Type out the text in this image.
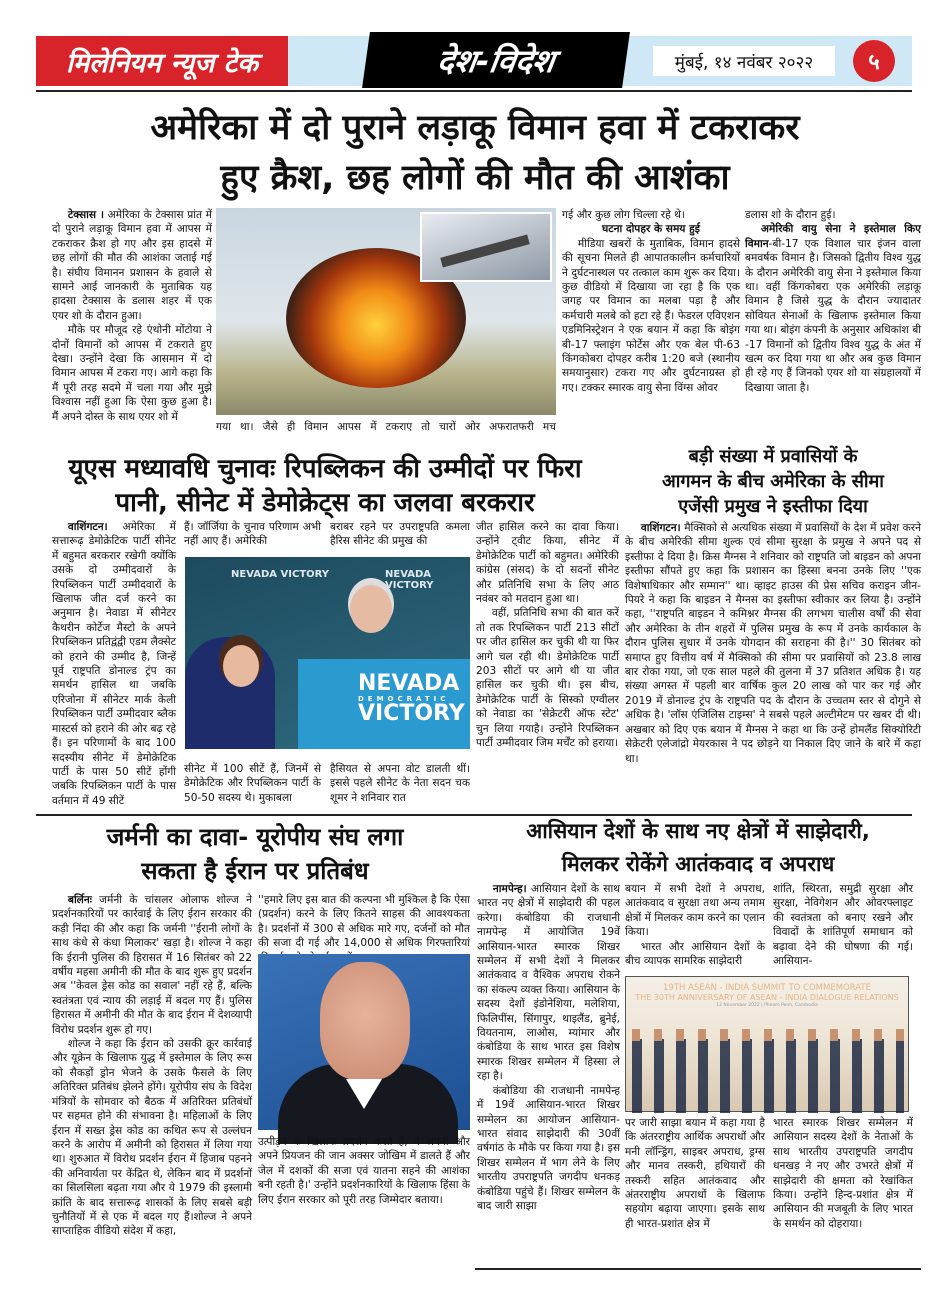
मिलेनियम न्यूज टेक	देश-विदेश	मुंबई, १४ नवंबर २०२२	५
अमेरिका में दो पुराने लड़ाकू विमान हवा में टकराकर
हुए क्रैश, छह लोगों की मौत की आशंका

टेक्सास । अमेरिका के टेक्सास प्रांत में दो पुराने लड़ाकू विमान हवा में आपस में टकराकर क्रैश हो गए और इस हादसे में छह लोगों की मौत की आशंका जताई गई है। संघीय विमानन प्रशासन के हवाले से सामने आई जानकारी के मुताबिक यह हादसा टेक्सास के डलास शहर में एक एयर शो के दौरान हुआ।

मौके पर मौजूद रहे एंथोनी मोंटोया ने दोनों विमानों को आपस में टकराते हुए देखा। उन्होंने देखा कि आसमान में दो विमान आपस में टकरा गए। आगे कहा कि मैं पूरी तरह सदमे में चला गया और मुझे विश्वास नहीं हुआ कि ऐसा कुछ हुआ है। मैं अपने दोस्त के साथ एयर शो में

गया था। जैसे ही विमान आपस में टकराए तो चारों ओर अफरातफरी मच

गई और कुछ लोग चिल्ला रहे थे।

घटना दोपहर के समय हुई

मीडिया खबरों के मुताबिक, विमान हादसे की सूचना मिलते ही आपातकालीन कर्मचारियों ने दुर्घटनास्थल पर तत्काल काम शुरू कर दिया। कुछ वीडियो में दिखाया जा रहा है कि एक जगह पर विमान का मलबा पड़ा है और कर्मचारी मलबे को हटा रहे हैं। फेडरल एविएशन एडमिनिस्ट्रेशन ने एक बयान में कहा कि बोइंग बी-17 फ्लाइंग फोर्टेस और एक बेल पी-63 किंगकोबरा दोपहर करीब 1:20 बजे (स्थानीय समयानुसार) टकरा गए और दुर्घटनाग्रस्त हो गए। टक्कर स्मारक वायु सेना विंग्स ओवर

डलास शो के दौरान हुई।

अमेरिकी वायु सेना ने इस्तेमाल किए विमान-बी-17 एक विशाल चार इंजन वाला बमवर्षक विमान है। जिसको द्वितीय विश्व युद्ध के दौरान अमेरिकी वायु सेना ने इस्तेमाल किया था। वहीं किंगकोबरा एक अमेरिकी लड़ाकू विमान है जिसे युद्ध के दौरान ज्यादातर सोवियत सेनाओं के खिलाफ इस्तेमाल किया गया था। बोइंग कंपनी के अनुसार अधिकांश बी -17 विमानों को द्वितीय विश्व युद्ध के अंत में खत्म कर दिया गया था और अब कुछ विमान ही रहे गए हैं जिनको एयर शो या संग्रहालयों में दिखाया जाता है।

यूएस मध्यावधि चुनावः रिपब्लिकन की उम्मीदों पर फिरा
पानी, सीनेट में डेमोक्रेट्स का जलवा बरकरार

वाशिंगटन। अमेरिका में सत्तारूढ़ डेमोक्रेटिक पार्टी सीनेट में बहुमत बरकरार रखेगी क्योंकि उसके दो उम्मीदवारों के रिपब्लिकन पार्टी उम्मीदवारों के खिलाफ जीत दर्ज करने का अनुमान है। नेवाडा में सीनेटर कैथरीन कोर्टेज मैस्टो के अपने रिपब्लिकन प्रतिद्वंद्वी एडम लैक्सेट को हराने की उम्मीद है, जिन्हें पूर्व राष्ट्रपति डोनाल्ड ट्रंप का समर्थन हासिल था जबकि एरिजोना में सीनेटर मार्क केली रिपब्लिकन पार्टी उम्मीदवार ब्लैक मास्टर्स को हराने की ओर बढ़ रहे हैं। इन परिणामों के बाद 100 सदस्यीय सीनेट में डेमोक्रेटिक पार्टी के पास 50 सीटें होंगी जबकि रिपब्लिकन पार्टी के पास वर्तमान में 49 सीटें

हैं। जॉर्जिया के चुनाव परिणाम अभी नहीं आए हैं। अमेरिकी
बराबर रहने पर उपराष्ट्रपति कमला हैरिस सीनेट की प्रमुख की
NEVADA VICTORY	NEVADA VICTORY
NEVADA
DEMOCRATIC
VICTORY
सीनेट में 100 सीटें हैं, जिनमें से डेमोक्रेटिक और रिपब्लिकन पार्टी के 50-50 सदस्य थे। मुकाबला
हैसियत से अपना वोट डालती थीं। इससे पहले सीनेट के नेता सदन चक शूमर ने शनिवार रात

जीत हासिल करने का दावा किया। उन्होंने ट्वीट किया, सीनेट में डेमोक्रेटिक पार्टी को बहुमत। अमेरिकी कांग्रेस (संसद) के दो सदनों सीनेट और प्रतिनिधि सभा के लिए आठ नवंबर को मतदान हुआ था।

वहीं, प्रतिनिधि सभा की बात करें तो तक रिपब्लिकन पार्टी 213 सीटों पर जीत हासिल कर चुकी थी या फिर आगे चल रही थी। डेमोक्रेटिक पार्टी 203 सीटों पर आगे थी या जीत हासिल कर चुकी थी। इस बीच, डेमोक्रेटिक पार्टी के सिस्को एग्वीलर को नेवाडा का 'सेक्रेटरी ऑफ स्टेट' चुन लिया गयाहै। उन्होंने रिपब्लिकन पार्टी उम्मीदवार जिम मर्चेंट को हराया।

बड़ी संख्या में प्रवासियों के
आगमन के बीच अमेरिका के सीमा
एजेंसी प्रमुख ने इस्तीफा दिया

वाशिंगटन। मैक्सिको से अत्यधिक संख्या में प्रवासियों के देश में प्रवेश करने के बीच अमेरिकी सीमा शुल्क एवं सीमा सुरक्षा के प्रमुख ने अपने पद से इस्तीफा दे दिया है। क्रिस मैग्नस ने शनिवार को राष्ट्रपति जो बाइडन को अपना इस्तीफा सौंपते हुए कहा कि प्रशासन का हिस्सा बनना उनके लिए ''एक विशेषाधिकार और सम्मान'' था। व्हाइट हाउस की प्रेस सचिव कराइन जीन-पियरे ने कहा कि बाइडन ने मैग्नस का इस्तीफा स्वीकार कर लिया है। उन्होंने कहा, ''राष्ट्रपति बाइडन ने कमिश्नर मैग्नस की लगभग चालीस वर्षों की सेवा और अमेरिका के तीन शहरों में पुलिस प्रमुख के रूप में उनके कार्यकाल के दौरान पुलिस सुधार में उनके योगदान की सराहना की है।'' 30 सितंबर को समाप्त हुए वित्तीय वर्ष में मैक्सिको की सीमा पर प्रवासियों को 23.8 लाख बार रोका गया, जो एक साल पहले की तुलना में 37 प्रतिशत अधिक है। यह संख्या अगस्त में पहली बार वार्षिक कुल 20 लाख को पार कर गई और 2019 में डोनाल्ड ट्रंप के राष्ट्रपति पद के दौरान के उच्चतम स्तर से दोगुने से अधिक है। 'लॉस एंजिलिस टाइम्स' ने सबसे पहले अल्टीमेटम पर खबर दी थी। अखबार को दिए एक बयान में मैग्नस ने कहा था कि उन्हें होमलैंड सिक्योरिटी सेक्रेटरी एलेजांद्रो मेयरकास ने पद छोड़ने या निकाल दिए जाने के बारे में कहा था।

जर्मनी का दावा- यूरोपीय संघ लगा
सकता है ईरान पर प्रतिबंध

बर्लिनः जर्मनी के चांसलर ओलाफ शोल्ज ने प्रदर्शनकारियों पर कार्रवाई के लिए ईरान सरकार की कड़ी निंदा की और कहा कि जर्मनी ''ईरानी लोगों के साथ कंधे से कंधा मिलाकर' खड़ा है। शोल्ज ने कहा कि ईरानी पुलिस की हिरासत में 16 सितंबर को 22 वर्षीय महसा अमीनी की मौत के बाद शुरू हुए प्रदर्शन अब ''केवल ड्रेस कोड का सवाल' नहीं रहे हैं, बल्कि स्वतंत्रता एवं न्याय की लड़ाई में बदल गए हैं। पुलिस हिरासत में अमीनी की मौत के बाद ईरान में देशव्यापी विरोध प्रदर्शन शुरू हो गए।

शोल्ज ने कहा कि ईरान को उसकी क्रूर कार्रवाई और यूक्रेन के खिलाफ युद्ध में इस्तेमाल के लिए रूस को सैकड़ों ड्रोन भेजने के उसके फैसले के लिए अतिरिक्त प्रतिबंध झेलने होंगे। यूरोपीय संघ के विदेश मंत्रियों के सोमवार को बैठक में अतिरिक्त प्रतिबंधों पर सहमत होने की संभावना है। महिलाओं के लिए ईरान में सख्त ड्रेस कोड का कथित रूप से उल्लंघन करने के आरोप में अमीनी को हिरासत में लिया गया था। शुरुआत में विरोध प्रदर्शन ईरान में हिजाब पहनने की अनिवार्यता पर केंद्रित थे, लेकिन बाद में प्रदर्शनों का सिलसिला बढ़ता गया और ये 1979 की इस्लामी क्रांति के बाद सत्तारूढ़ शासकों के लिए सबसे बड़ी चुनौतियों में से एक में बदल गए हैं।शोल्ज ने अपने साप्ताहिक वीडियो संदेश में कहा,

''हमारे लिए इस बात की कल्पना भी मुश्किल है कि ऐसा (प्रदर्शन) करने के लिए कितने साहस की आवश्यकता है। प्रदर्शनों में 300 से अधिक मारे गए, दर्जनों को मौत की सजा दी गई और 14,000 से अधिक गिरफ्तारियां
उत्पीड़न के खिलाफ प्रदर्शन करते हैं, वे अपनी और अपने प्रियजन की जान अक्सर जोखिम में डालते हैं और जेल में दशकों की सजा एवं यातना सहने की आशंका बनी रहती है।' उन्होंने प्रदर्शनकारियों के खिलाफ हिंसा के लिए ईरान सरकार को पूरी तरह जिम्मेदार बताया।
आसियान देशों के साथ नए क्षेत्रों में साझेदारी,
मिलकर रोकेंगे आतंकवाद व अपराध

नामपेन्ह। आसियान देशों के साथ भारत नए क्षेत्रों में साझेदारी की पहल करेगा। कंबोडिया की राजधानी नामपेन्ह में आयोजित 19वें आसियान-भारत स्मारक शिखर सम्मेलन में सभी देशों ने मिलकर आतंकवाद व वैश्विक अपराध रोकने का संकल्प व्यक्त किया। आसियान के सदस्य देशों इंडोनेशिया, मलेशिया, फिलिपींस, सिंगापुर, थाइलैंड, ब्रुनेई, वियतनाम, लाओस, म्यांमार और कंबोडिया के साथ भारत इस विशेष स्मारक शिखर सम्मेलन में हिस्सा ले रहा है।

कंबोडिया की राजधानी नामपेन्ह में 19वें आसियान-भारत शिखर सम्मेलन का आयोजन आसियान-भारत संवाद साझेदारी की 30वीं वर्षगांठ के मौके पर किया गया है। इस शिखर सम्मेलन में भाग लेने के लिए भारतीय उपराष्ट्रपति जगदीप धनकड़ कंबोडिया पहुंचे हैं। शिखर सम्मेलन के बाद जारी साझा

बयान में सभी देशों ने अपराध, आतंकवाद व सुरक्षा तथा अन्य तमाम क्षेत्रों में मिलकर काम करने का एलान किया।

भारत और आसियान देशों के बीच व्यापक सामरिक साझेदारी

शांति, स्थिरता, समुद्री सुरक्षा और सुरक्षा, नेविगेशन और ओवरफ्लाइट की स्वतंत्रता को बनाए रखने और विवादों के शांतिपूर्ण समाधान को बढ़ावा देने की घोषणा की गई। आसियान-
19TH ASEAN - INDIA SUMMIT TO COMMEMORATE
THE 30TH ANNIVERSARY OF ASEAN - INDIA DIALOGUE RELATIONS
12 November 2022 | Phnom Penh, Cambodia
पर जारी साझा बयान में कहा गया है कि अंतरराष्ट्रीय आर्थिक अपराधों और मनी लॉन्ड्रिंग, साइबर अपराध, ड्रग्स और मानव तस्करी, हथियारों की तस्करी सहित आतंकवाद और अंतरराष्ट्रीय अपराधों के खिलाफ सहयोग बढ़ाया जाएगा। इसके साथ ही भारत-प्रशांत क्षेत्र में
भारत स्मारक शिखर सम्मेलन में आसियान सदस्य देशों के नेताओं के साथ भारतीय उपराष्ट्रपति जगदीप धनखड़ ने नए और उभरते क्षेत्रों में साझेदारी की क्षमता को रेखांकित किया। उन्होंने हिन्द-प्रशांत क्षेत्र में आसियान की मजबूती के लिए भारत के समर्थन को दोहराया।
